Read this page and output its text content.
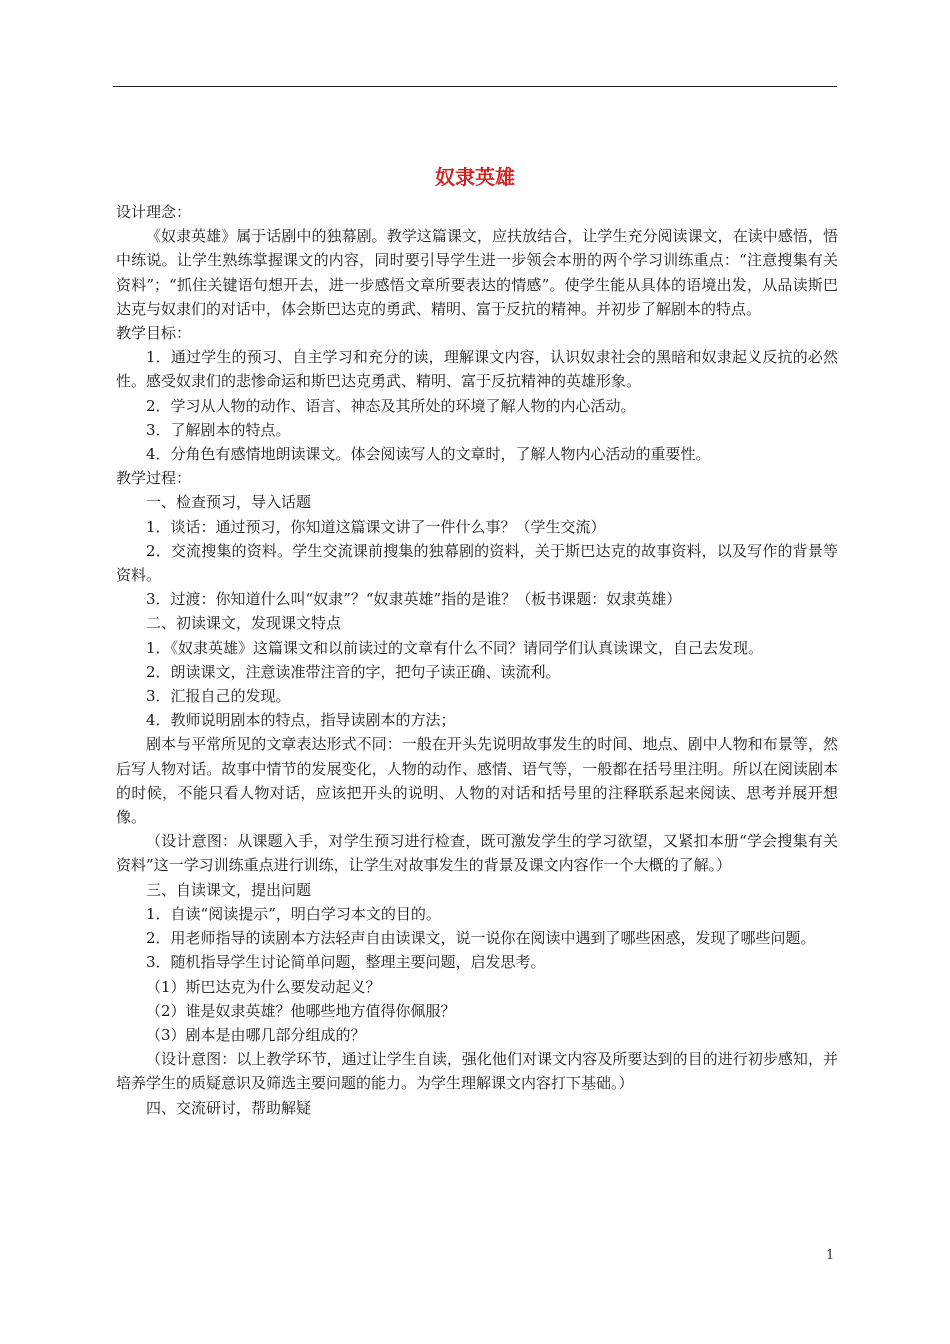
奴隶英雄

设计理念：

《奴隶英雄》属于话剧中的独幕剧。教学这篇课文，应扶放结合，让学生充分阅读课文，在读中感悟，悟中练说。让学生熟练掌握课文的内容，同时要引导学生进一步领会本册的两个学习训练重点：“注意搜集有关资料”；“抓住关键语句想开去，进一步感悟文章所要表达的情感”。使学生能从具体的语境出发，从品读斯巴达克与奴隶们的对话中，体会斯巴达克的勇武、精明、富于反抗的精神。并初步了解剧本的特点。

教学目标：

1．通过学生的预习、自主学习和充分的读，理解课文内容，认识奴隶社会的黑暗和奴隶起义反抗的必然性。感受奴隶们的悲惨命运和斯巴达克勇武、精明、富于反抗精神的英雄形象。

2．学习从人物的动作、语言、神态及其所处的环境了解人物的内心活动。

3．了解剧本的特点。

4．分角色有感情地朗读课文。体会阅读写人的文章时，了解人物内心活动的重要性。

教学过程：

一、检查预习，导入话题

1．谈话：通过预习，你知道这篇课文讲了一件什么事？（学生交流）

2．交流搜集的资料。学生交流课前搜集的独幕剧的资料，关于斯巴达克的故事资料，以及写作的背景等资料。

3．过渡：你知道什么叫“奴隶”？“奴隶英雄”指的是谁？（板书课题：奴隶英雄）

二、初读课文，发现课文特点

1．《奴隶英雄》这篇课文和以前读过的文章有什么不同？请同学们认真读课文，自己去发现。

2．朗读课文，注意读准带注音的字，把句子读正确、读流利。

3．汇报自己的发现。

4．教师说明剧本的特点，指导读剧本的方法；

剧本与平常所见的文章表达形式不同：一般在开头先说明故事发生的时间、地点、剧中人物和布景等，然后写人物对话。故事中情节的发展变化，人物的动作、感情、语气等，一般都在括号里注明。所以在阅读剧本的时候，不能只看人物对话，应该把开头的说明、人物的对话和括号里的注释联系起来阅读、思考并展开想像。

（设计意图：从课题入手，对学生预习进行检查，既可激发学生的学习欲望，又紧扣本册“学会搜集有关资料”这一学习训练重点进行训练，让学生对故事发生的背景及课文内容作一个大概的了解。）

三、自读课文，提出问题

1．自读“阅读提示”，明白学习本文的目的。

2．用老师指导的读剧本方法轻声自由读课文，说一说你在阅读中遇到了哪些困惑，发现了哪些问题。

3．随机指导学生讨论简单问题，整理主要问题，启发思考。

（1）斯巴达克为什么要发动起义？

（2）谁是奴隶英雄？他哪些地方值得你佩服？

（3）剧本是由哪几部分组成的？

（设计意图：以上教学环节，通过让学生自读，强化他们对课文内容及所要达到的目的进行初步感知，并培养学生的质疑意识及筛选主要问题的能力。为学生理解课文内容打下基础。）

四、交流研讨，帮助解疑

1
